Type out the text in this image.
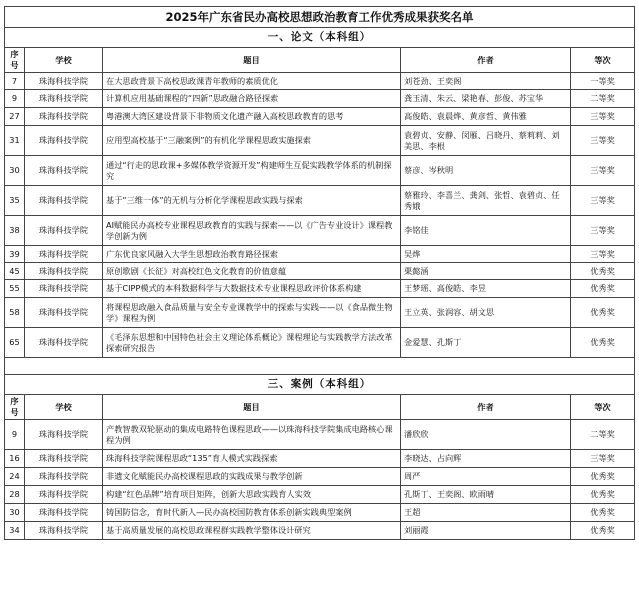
2025年广东省民办高校思想政治教育工作优秀成果获奖名单				
一、论文（本科组）				
序号	学校	题目	作者	等次
7	珠海科技学院	在大思政背景下高校思政课青年教师的素质优化	刘苍劲、王奕阁	一等奖
9	珠海科技学院	计算机应用基础课程的“四新”思政融合路径探索	龚玉清、朱云、梁艳春、彭俊、苏宝华	二等奖
27	珠海科技学院	粤港澳大湾区建设背景下非物质文化遗产融入高校思政教育的思考	高俊皓、袁晨烨、黄彦哲、黄伟雅	三等奖
31	珠海科技学院	应用型高校基于“三融案例”的有机化学课程思政实施探索	袁碧贞、安静、闵雁、吕晓丹、蔡莉莉、刘美思、李根	三等奖
30	珠海科技学院	通过“行走的思政课+多媒体教学资源开发”构建师生互促实践教学体系的机制探究	蔡彦、岑秋明	三等奖
35	珠海科技学院	基于“三维一体”的无机与分析化学课程思政实践与探索	蔡雅玲、李喜兰、龚剑、张哲、袁碧贞、任秀娥	三等奖
38	珠海科技学院	AI赋能民办高校专业课程思政教育的实践与探索——以《广告专业设计》课程教学创新为例	李铭佳	三等奖
39	珠海科技学院	广东优良家风融入大学生思想政治教育路径探索	吴烨	三等奖
45	珠海科技学院	原创歌剧《长征》对高校红色文化教育的价值意蕴	栗懿涵	优秀奖
55	珠海科技学院	基于CIPP模式的本科数据科学与大数据技术专业课程思政评价体系构建	王梦瑶、高俊皓、李昱	优秀奖
58	珠海科技学院	将课程思政融入食品质量与安全专业课教学中的探索与实践——以《食品微生物学》课程为例	王立英、张润容、胡文思	优秀奖
65	珠海科技学院	《毛泽东思想和中国特色社会主义理论体系概论》课程理论与实践教学方法改革探索研究报告	金爱慧、孔斯丁	优秀奖

三、案例（本科组）				
序号	学校	题目	作者	等次
9	珠海科技学院	产教智教双轮驱动的集成电路特色课程思政——以珠海科技学院集成电路核心课程为例	潘欣欣	二等奖
16	珠海科技学院	珠海科技学院课程思政“135”育人模式实践探索	李晓达、占向辉	三等奖
24	珠海科技学院	非遗文化赋能民办高校课程思政的实践成果与教学创新	周严	优秀奖
28	珠海科技学院	构建“红色品牌”培育项目矩阵，创新大思政实践育人实效	孔斯丁、王奕阁、欧雨晴	优秀奖
30	珠海科技学院	铸国防信念，育时代新人—民办高校国防教育体系创新实践典型案例	王超	优秀奖
34	珠海科技学院	基于高质量发展的高校思政课程群实践教学整体设计研究	刘丽霞	优秀奖
